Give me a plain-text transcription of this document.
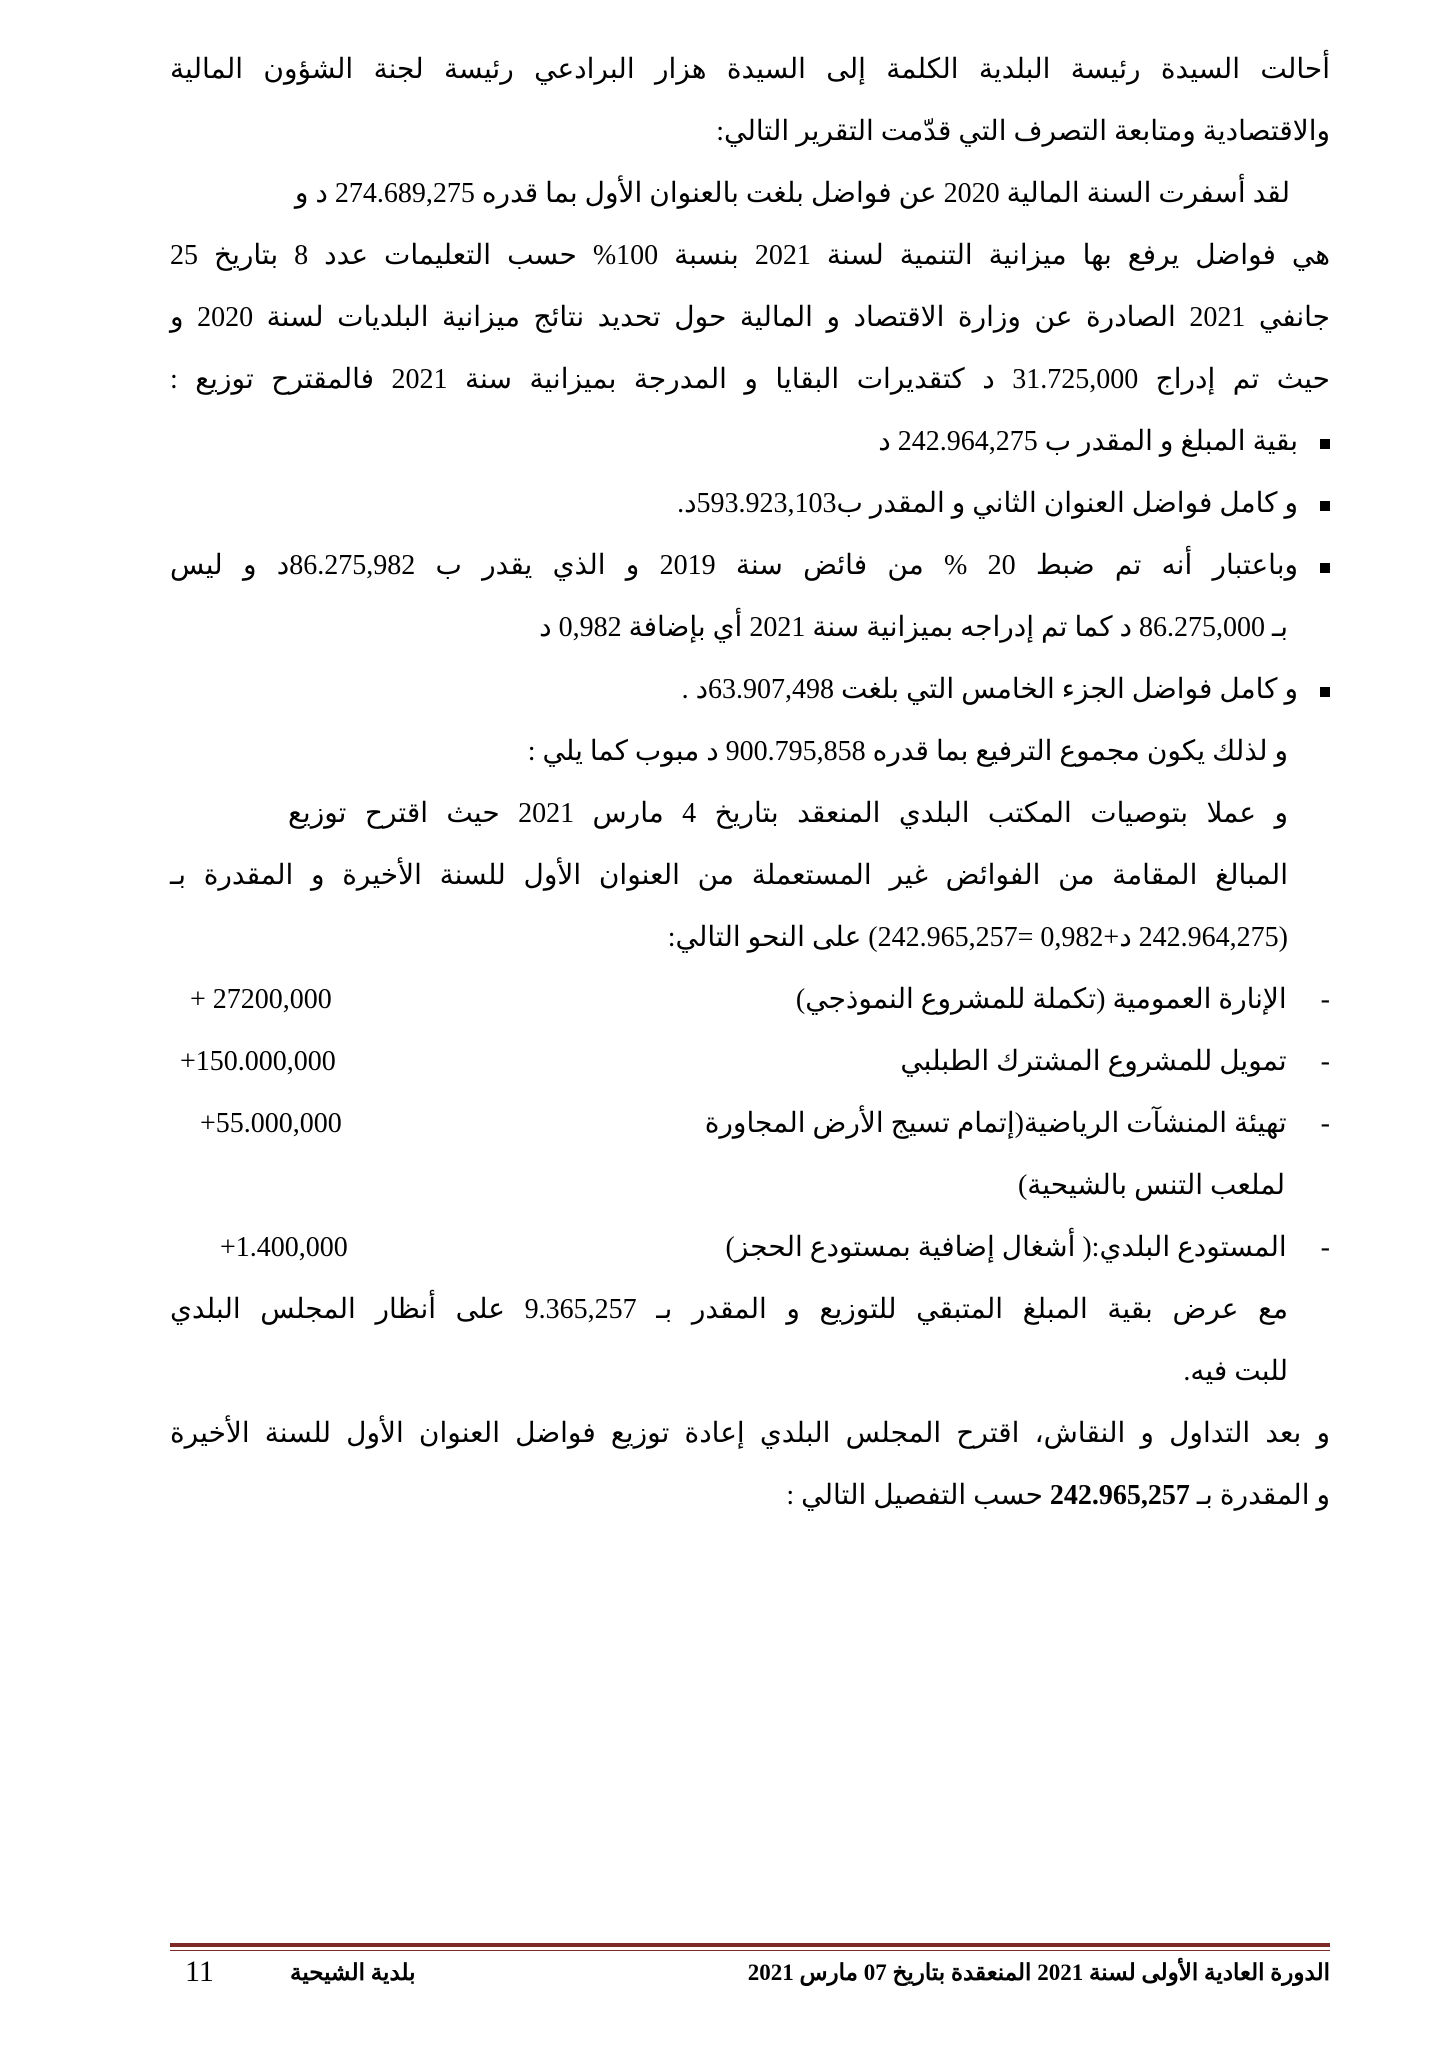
أحالت السيدة رئيسة البلدية الكلمة إلى السيدة هزار البرادعي رئيسة لجنة الشؤون المالية
والاقتصادية ومتابعة التصرف التي قدّمت التقرير التالي:
لقد أسفرت السنة المالية 2020 عن فواضل بلغت بالعنوان الأول بما قدره 274.689,275 د و
هي فواضل يرفع بها ميزانية التنمية لسنة 2021 بنسبة 100% حسب التعليمات عدد 8 بتاريخ 25
جانفي 2021 الصادرة عن وزارة الاقتصاد و المالية حول تحديد نتائج ميزانية البلديات لسنة 2020 و
حيث تم إدراج 31.725,000 د كتقديرات البقايا و المدرجة بميزانية سنة 2021 فالمقترح توزيع :
بقية المبلغ و المقدر ب 242.964,275 د
و كامل فواضل العنوان الثاني و المقدر ب593.923,103د.
وباعتبار أنه تم ضبط 20 % من فائض سنة 2019 و الذي يقدر ب 86.275,982د و ليس
بـ 86.275,000 د كما تم إدراجه بميزانية سنة 2021 أي بإضافة 0,982 د
و كامل فواضل الجزء الخامس التي بلغت 63.907,498د .
و لذلك يكون مجموع الترفيع بما قدره 900.795,858 د مبوب كما يلي :
و عملا بتوصيات المكتب البلدي المنعقد بتاريخ 4 مارس 2021 حيث اقترح توزيع
المبالغ المقامة من الفوائض غير المستعملة من العنوان الأول للسنة الأخيرة و المقدرة بـ
(242.964,275 د+0,982 =242.965,257) على النحو التالي:
-الإنارة العمومية (تكملة للمشروع النموذجي)
+ 27200,000
-تمويل للمشروع المشترك الطبلبي
+150.000,000
-تهيئة المنشآت الرياضية(إتمام تسيج الأرض المجاورة
+55.000,000
لملعب التنس بالشيحية)
-المستودع البلدي:( أشغال إضافية بمستودع الحجز)
+1.400,000
مع عرض بقية المبلغ المتبقي للتوزيع و المقدر بـ 9.365,257 على أنظار المجلس البلدي
للبت فيه.
و بعد التداول و النقاش، اقترح المجلس البلدي إعادة توزيع فواضل العنوان الأول للسنة الأخيرة
و المقدرة بـ 242.965,257 حسب التفصيل التالي :
الدورة العادية الأولى لسنة 2021 المنعقدة بتاريخ 07 مارس 2021
بلدية الشيحية
11
